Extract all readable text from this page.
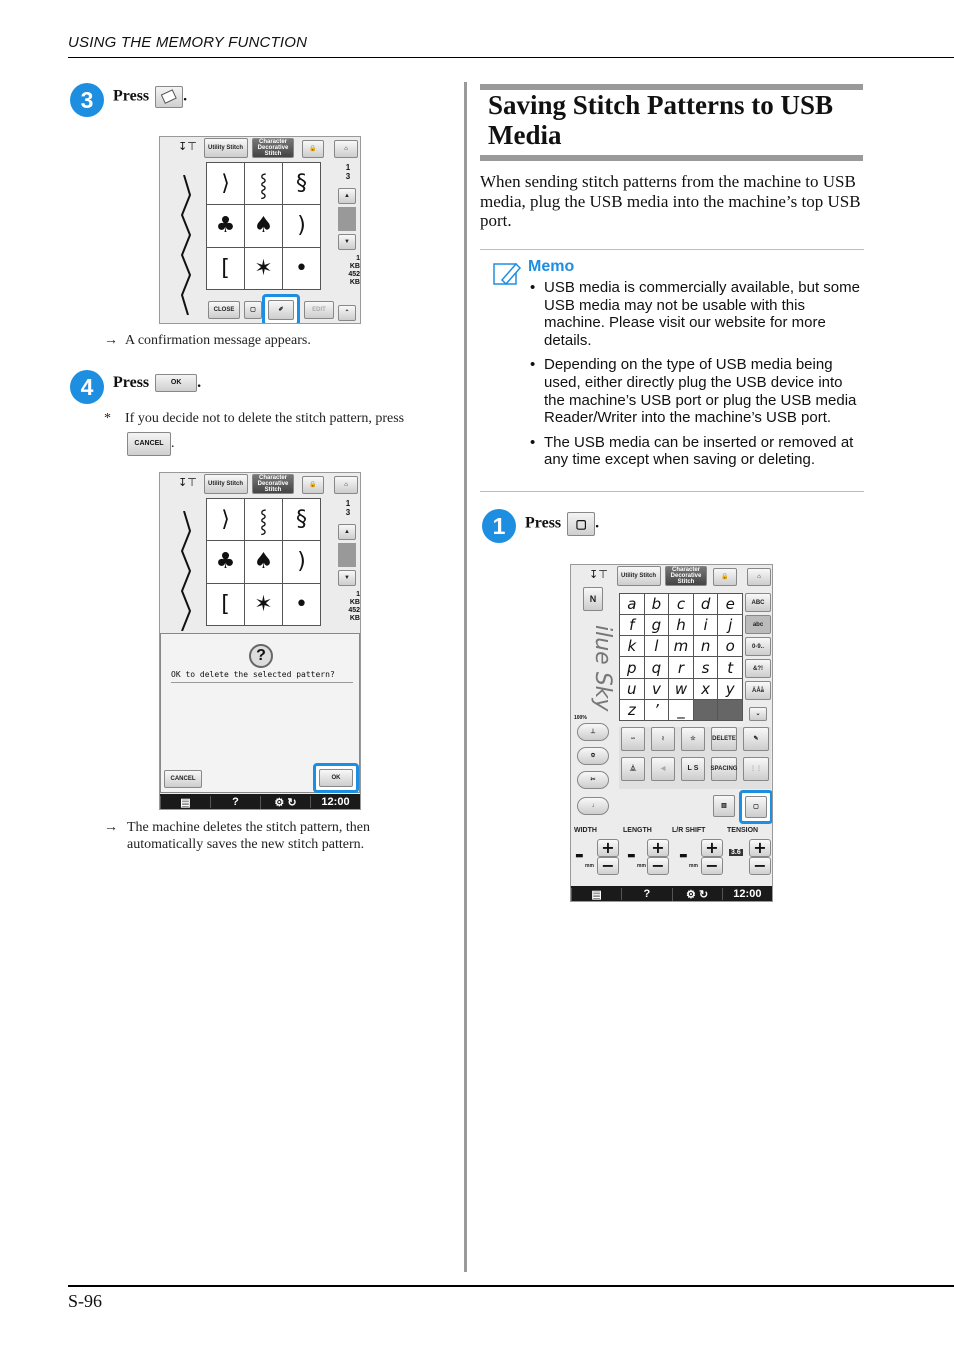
USING THE MEMORY FUNCTION
3	Press .
↧⊤	Utility Stitch
Character Decorative Stitch
🔒	⌂
⟩	⸾	§
♣ ♠	)
[	✶	•
1
3
▲
▼
1
KB
452
KB
CLOSE	▢	✐	EDIT	⌃
→  A confirmation message appears.
4	Press	OK .
*    If you decide not to delete the stitch pattern, press
CANCEL .
↧⊤	Utility Stitch
Character Decorative Stitch
🔒	⌂
⟩	⸾	§
♣ ♠	)
[	✶	•
1
3
▲
▼
1
KB
452
KB
?
OK to delete the selected pattern?
CANCEL	OK
▤	?	⚙ ↻	12:00
→ The machine deletes the stitch pattern, then automatically saves the new stitch pattern.
Saving Stitch Patterns to USB Media
When sending stitch patterns from the machine to USB media, plug the USB media into the machine’s top USB port.
Memo
• USB media is commercially available, but some USB media may not be usable with this machine. Please visit our website for more details.
• Depending on the type of USB media being used, either directly plug the USB device into the machine’s USB port or plug the USB media Reader/Writer into the machine’s USB port.
• The USB media can be inserted or removed at any time except when saving or deleting.
1	Press ▢ .
↧⊤	Utility Stitch
Character Decorative Stitch
🔒	⌂
N
ilue Sky
100%
a	b	c	d	e
f	g	h	i	j
k	l	m n	o
p	q	r	s	t
u	v w x	y
z	’	_
ABC
abc
0-9..
&?!
ÄÅå
⌄
⊥
⎊
✂
↓
∽	≀	☆	DELETE	✎
⏅	◀	L
S SPACING	⋮⋮
▥	▢
WIDTH	LENGTH	L/R SHIFT	TENSION
▬
mm
+
−	▬
mm
+
−	▬
mm
+
−
3.6 +
−
▤	?	⚙ ↻	12:00
S-96
